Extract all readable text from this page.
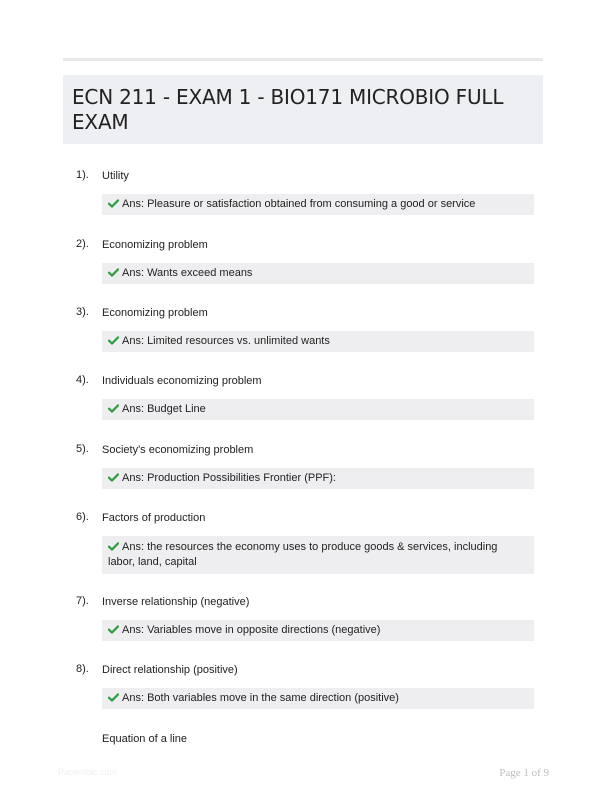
ECN 211 - EXAM 1 - BIO171 MICROBIO FULL EXAM
1). Utility
Ans: Pleasure or satisfaction obtained from consuming a good or service
2). Economizing problem
Ans: Wants exceed means
3). Economizing problem
Ans: Limited resources vs. unlimited wants
4). Individuals economizing problem
Ans: Budget Line
5). Society's economizing problem
Ans: Production Possibilities Frontier (PPF):
6). Factors of production
Ans: the resources the economy uses to produce goods & services, including labor, land, capital
7). Inverse relationship (negative)
Ans: Variables move in opposite directions (negative)
8). Direct relationship (positive)
Ans: Both variables move in the same direction (positive)
Equation of a line
Paperlibic.com	Page 1 of 9
